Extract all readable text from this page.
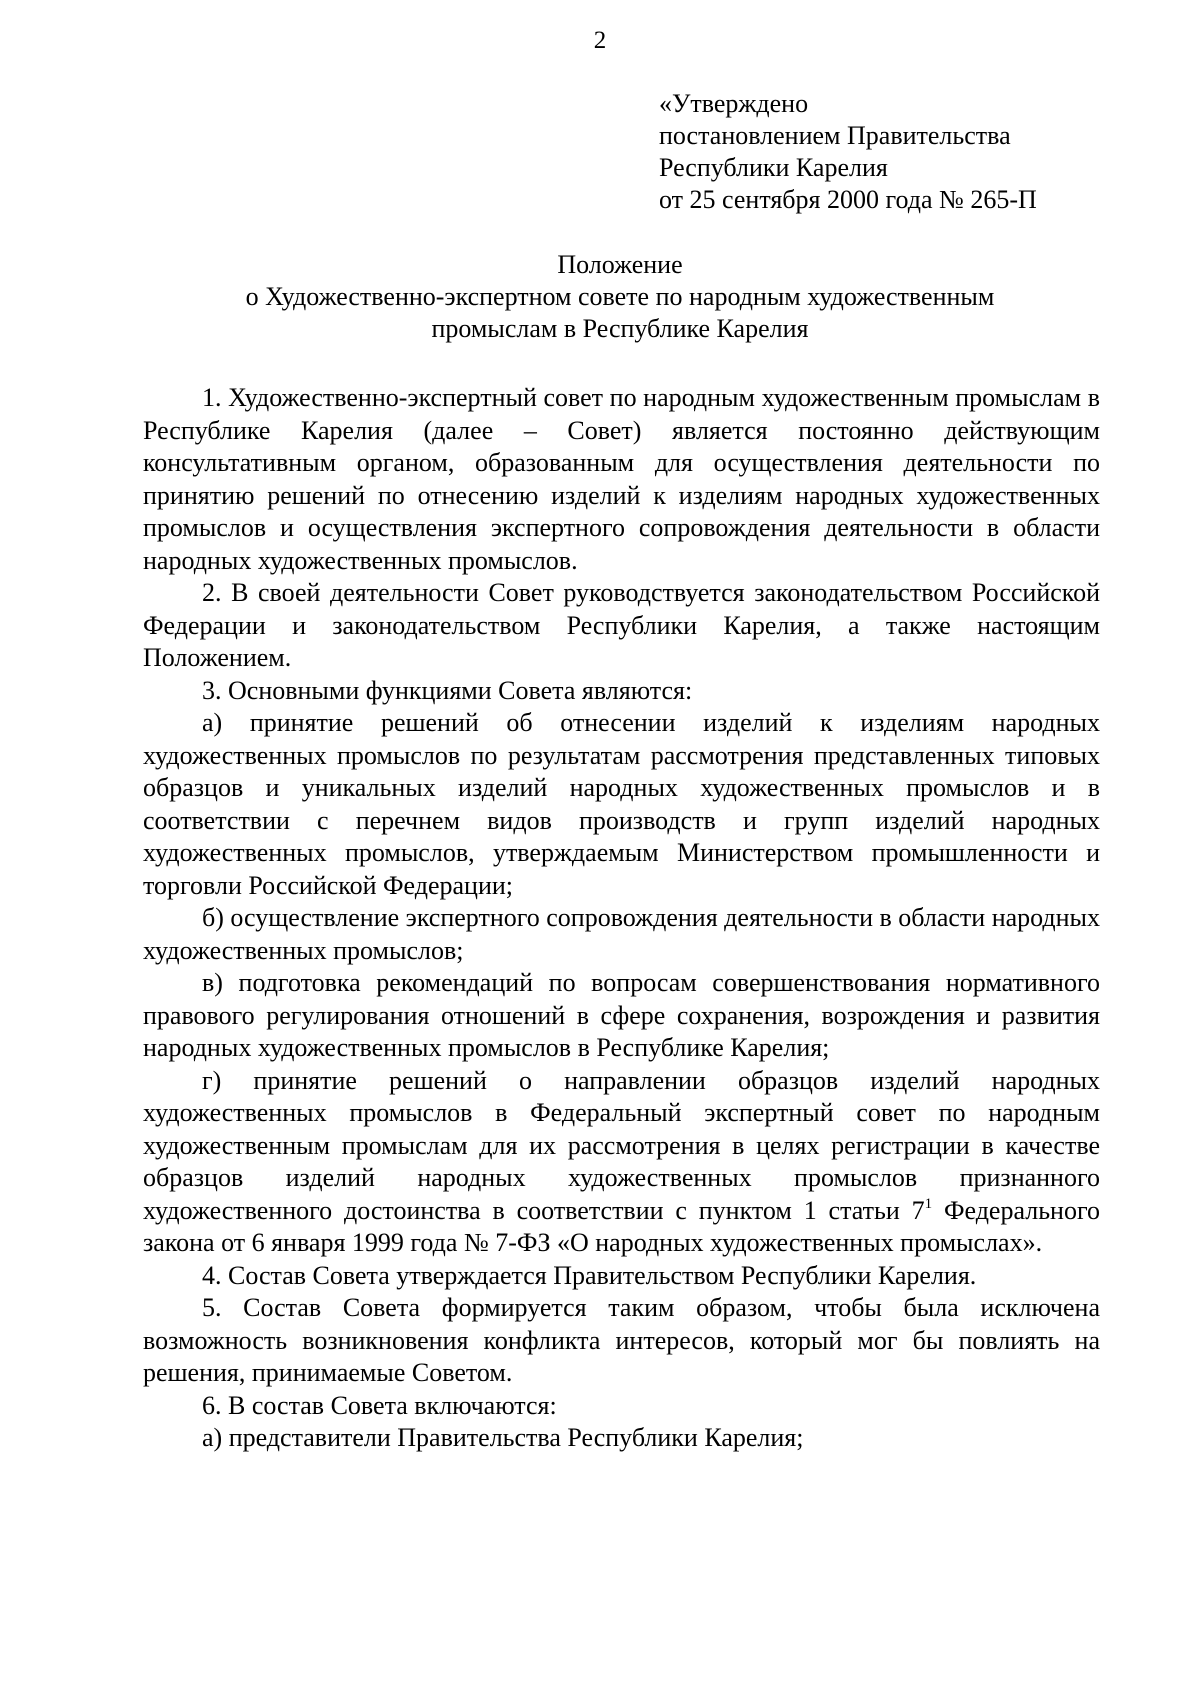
2
«Утверждено
постановлением Правительства
Республики Карелия
от 25 сентября 2000 года № 265-П
Положение
о Художественно-экспертном совете по народным художественным
промыслам в Республике Карелия

1. Художественно-экспертный совет по народным художественным промыслам в Республике Карелия (далее – Совет) является постоянно действующим консультативным органом, образованным для осуществления деятельности по принятию решений по отнесению изделий к изделиям народных художественных промыслов и осуществления экспертного сопровождения деятельности в области народных художественных промыслов.

2. В своей деятельности Совет руководствуется законодательством Российской Федерации и законодательством Республики Карелия, а также настоящим Положением.

3. Основными функциями Совета являются:

а) принятие решений об отнесении изделий к изделиям народных художественных промыслов по результатам рассмотрения представленных типовых образцов и уникальных изделий народных художественных промыслов и в соответствии с перечнем видов производств и групп изделий народных художественных промыслов, утверждаемым Министерством промышленности и торговли Российской Федерации;

б) осуществление экспертного сопровождения деятельности в области народных художественных промыслов;

в) подготовка рекомендаций по вопросам совершенствования нормативного правового регулирования отношений в сфере сохранения, возрождения и развития народных художественных промыслов в Республике Карелия;

г) принятие решений о направлении образцов изделий народных художественных промыслов в Федеральный экспертный совет по народным художественным промыслам для их рассмотрения в целях регистрации в качестве образцов изделий народных художественных промыслов признанного художественного достоинства в соответствии с пунктом 1 статьи $7^1$ Федерального закона от 6 января 1999 года № 7-ФЗ «О народных художественных промыслах».

4. Состав Совета утверждается Правительством Республики Карелия.

5. Состав Совета формируется таким образом, чтобы была исключена возможность возникновения конфликта интересов, который мог бы повлиять на решения, принимаемые Советом.

6. В состав Совета включаются:

а) представители Правительства Республики Карелия;
